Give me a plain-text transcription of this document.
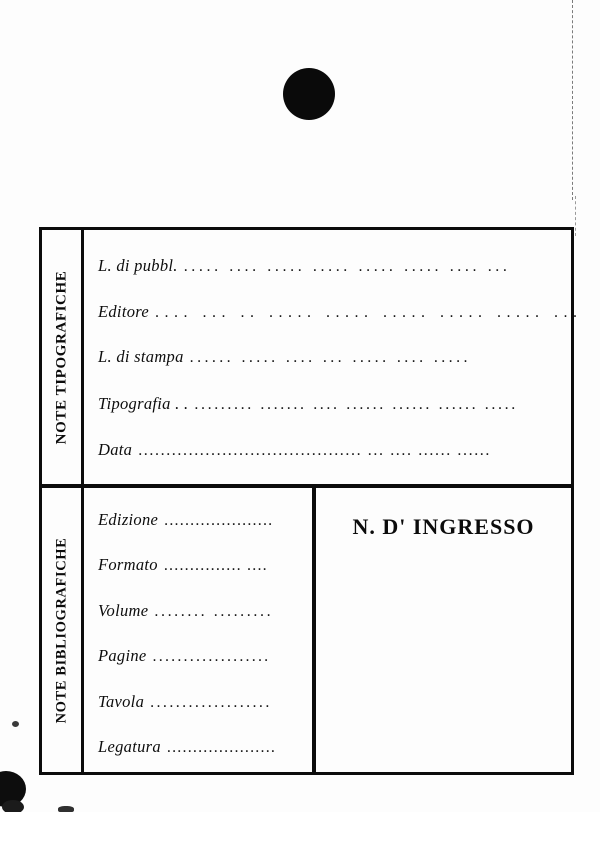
NOTE TIPOGRAFICHE
L. di pubbl. ..... .... ..... ..... ..... ..... .... ...
Editore .... ... .. ..... ..... ..... ..... ..... ...
L. di stampa ...... ..... .... ... ..... .... .....
Tipografia . . ......... ....... .... ...... ...... ...... .....
Data ........................................ ... .... ...... ......
NOTE BIBLIOGRAFICHE
Edizione .....................
Formato ............... ....
Volume ........ .........
Pagine ...................
Tavola ...................
Legatura .....................
N. D' INGRESSO
